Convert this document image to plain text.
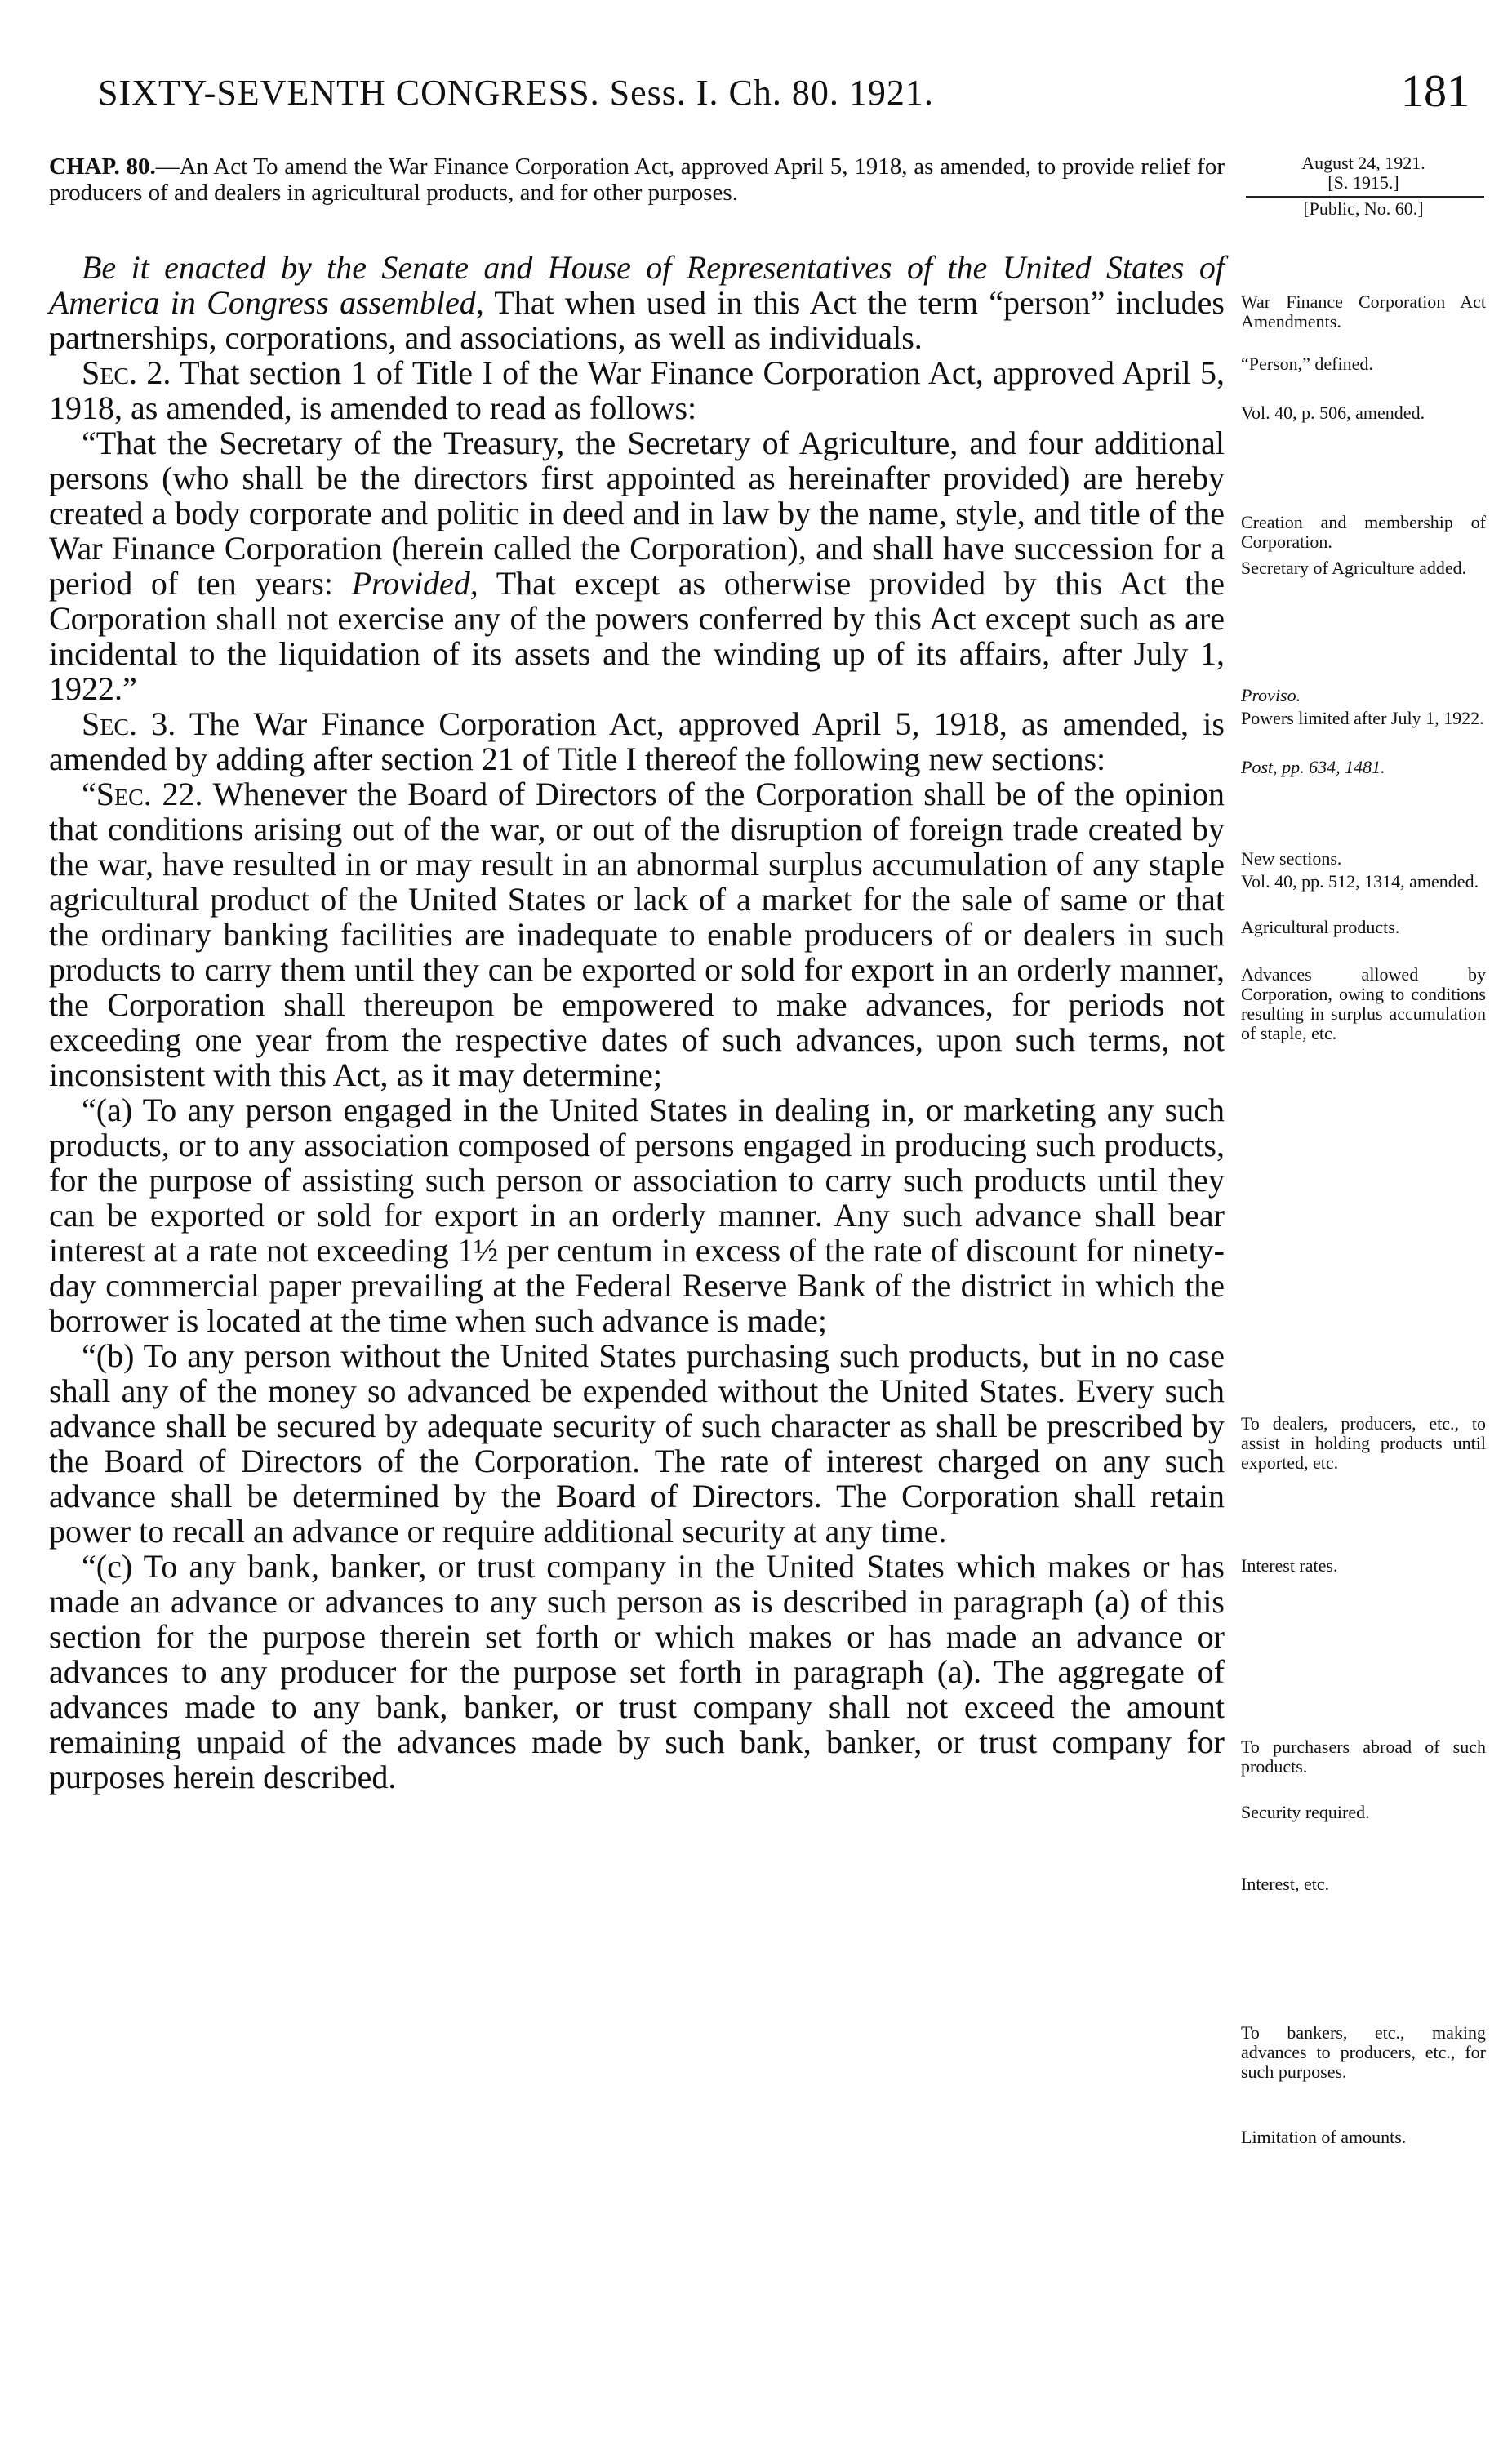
SIXTY-SEVENTH CONGRESS. Sess. I. Ch. 80. 1921.	181

CHAP. 80.—An Act To amend the War Finance Corporation Act, approved April 5, 1918, as amended, to provide relief for producers of and dealers in agricultural products, and for other purposes.

Be it enacted by the Senate and House of Representatives of the United States of America in Congress assembled, That when used in this Act the term “person” includes partnerships, corporations, and associations, as well as individuals.

Sec. 2. That section 1 of Title I of the War Finance Corporation Act, approved April 5, 1918, as amended, is amended to read as follows:

“That the Secretary of the Treasury, the Secretary of Agriculture, and four additional persons (who shall be the directors first appointed as hereinafter provided) are hereby created a body corporate and politic in deed and in law by the name, style, and title of the War Finance Corporation (herein called the Corporation), and shall have succession for a period of ten years: Provided, That except as otherwise provided by this Act the Corporation shall not exercise any of the powers conferred by this Act except such as are incidental to the liquidation of its assets and the winding up of its affairs, after July 1, 1922.”

Sec. 3. The War Finance Corporation Act, approved April 5, 1918, as amended, is amended by adding after section 21 of Title I thereof the following new sections:

“Sec. 22. Whenever the Board of Directors of the Corporation shall be of the opinion that conditions arising out of the war, or out of the disruption of foreign trade created by the war, have resulted in or may result in an abnormal surplus accumulation of any staple agricultural product of the United States or lack of a market for the sale of same or that the ordinary banking facilities are inadequate to enable producers of or dealers in such products to carry them until they can be exported or sold for export in an orderly manner, the Corporation shall thereupon be empowered to make advances, for periods not exceeding one year from the respective dates of such advances, upon such terms, not inconsistent with this Act, as it may determine;

“(a) To any person engaged in the United States in dealing in, or marketing any such products, or to any association composed of persons engaged in producing such products, for the purpose of assisting such person or association to carry such products until they can be exported or sold for export in an orderly manner. Any such advance shall bear interest at a rate not exceeding 1½ per centum in excess of the rate of discount for ninety-day commercial paper prevailing at the Federal Reserve Bank of the district in which the borrower is located at the time when such advance is made;

“(b) To any person without the United States purchasing such products, but in no case shall any of the money so advanced be expended without the United States. Every such advance shall be secured by adequate security of such character as shall be prescribed by the Board of Directors of the Corporation. The rate of interest charged on any such advance shall be determined by the Board of Directors. The Corporation shall retain power to recall an advance or require additional security at any time.

“(c) To any bank, banker, or trust company in the United States which makes or has made an advance or advances to any such person as is described in paragraph (a) of this section for the purpose therein set forth or which makes or has made an advance or advances to any producer for the purpose set forth in paragraph (a). The aggregate of advances made to any bank, banker, or trust company shall not exceed the amount remaining unpaid of the advances made by such bank, banker, or trust company for purposes herein described.

August 24, 1921.
[S. 1915.]
[Public, No. 60.]
War Finance Corporation Act Amendments.
“Person,” defined.
Vol. 40, p. 506, amended.
Creation and membership of Corporation.
Secretary of Agriculture added.
Proviso.
Powers limited after July 1, 1922.
Post, pp. 634, 1481.
New sections.
Vol. 40, pp. 512, 1314, amended.
Agricultural products.
Advances allowed by Corporation, owing to conditions resulting in surplus accumulation of staple, etc.
To dealers, producers, etc., to assist in holding products until exported, etc.
Interest rates.
To purchasers abroad of such products.
Security required.
Interest, etc.
To bankers, etc., making advances to producers, etc., for such purposes.
Limitation of amounts.
